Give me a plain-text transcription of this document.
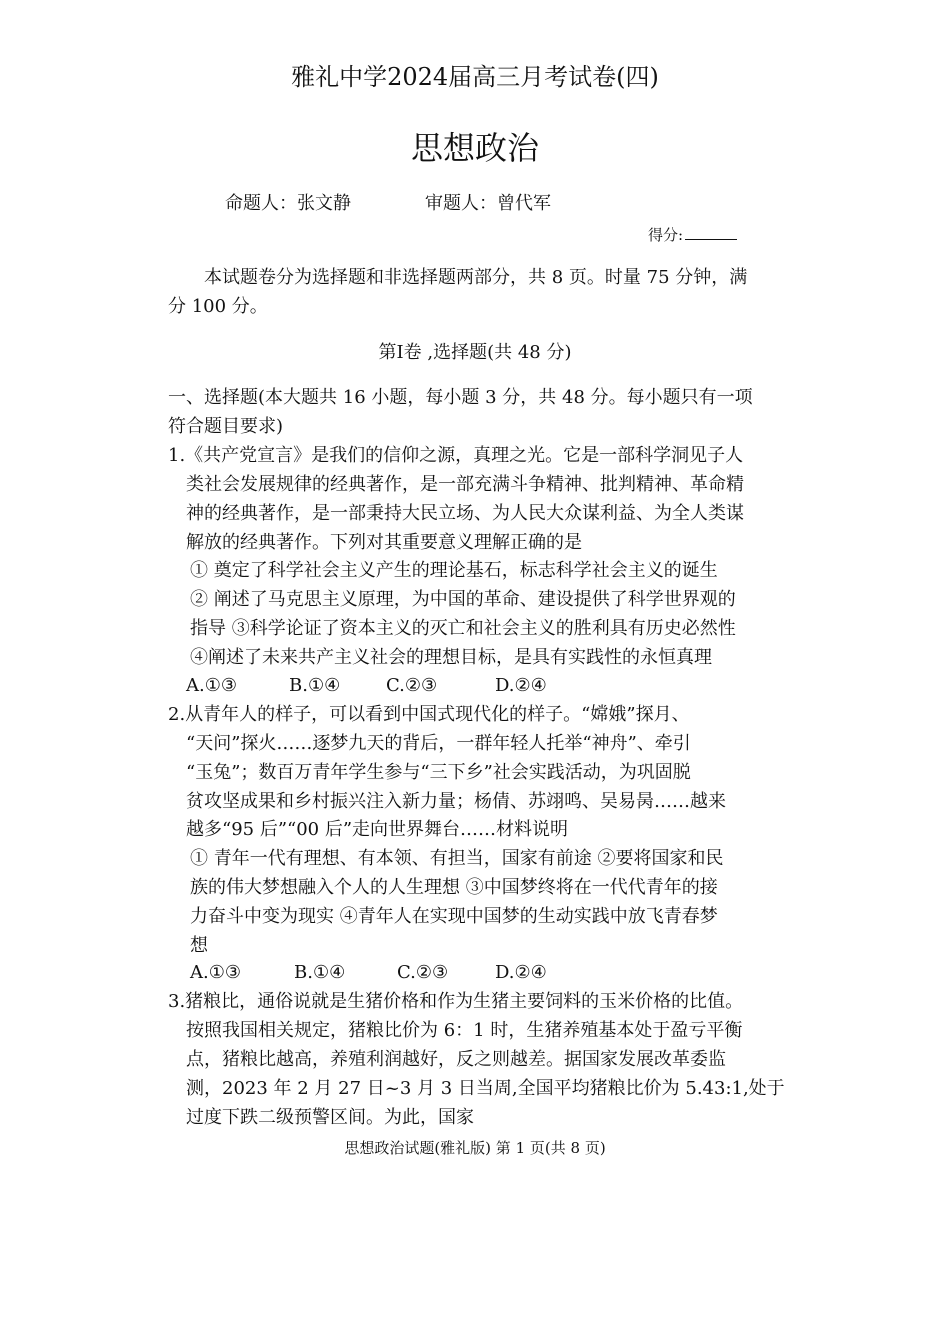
雅礼中学2024届高三月考试卷(四)
思想政治
命题人：张文静	审题人：曾代军
得分:
本试题卷分为选择题和非选择题两部分，共 8 页。时量 75 分钟，满
分 100 分。
第Ⅰ卷 ,选择题(共 48 分)
一、选择题(本大题共 16 小题，每小题 3 分，共 48 分。每小题只有一项
符合题目要求)
1.《共产党宣言》是我们的信仰之源，真理之光。它是一部科学洞见子人
类社会发展规律的经典著作，是一部充满斗争精神、批判精神、革命精
神的经典著作，是一部秉持大民立场、为人民大众谋利益、为全人类谋
解放的经典著作。下列对其重要意义理解正确的是
① 奠定了科学社会主义产生的理论基石，标志科学社会主义的诞生
② 阐述了马克思主义原理，为中国的革命、建设提供了科学世界观的
指导 ③科学论证了资本主义的灭亡和社会主义的胜利具有历史必然性
④阐述了未来共产主义社会的理想目标，是具有实践性的永恒真理
A.①③	B.①④	C.②③	D.②④
2.从青年人的样子，可以看到中国式现代化的样子。“嫦娥”探月、
“天问”探火……逐梦九天的背后，一群年轻人托举“神舟”、牵引
“玉兔”；数百万青年学生参与“三下乡”社会实践活动，为巩固脱
贫攻坚成果和乡村振兴注入新力量；杨倩、苏翊鸣、吴易昺……越来
越多“95 后”“00 后”走向世界舞台……材料说明
① 青年一代有理想、有本领、有担当，国家有前途 ②要将国家和民
族的伟大梦想融入个人的人生理想 ③中国梦终将在一代代青年的接
力奋斗中变为现实 ④青年人在实现中国梦的生动实践中放飞青春梦
想
A.①③	B.①④	C.②③	D.②④
3.猪粮比，通俗说就是生猪价格和作为生猪主要饲料的玉米价格的比值。
按照我国相关规定，猪粮比价为 6：1 时，生猪养殖基本处于盈亏平衡
点，猪粮比越高，养殖利润越好，反之则越差。据国家发展改革委监
测，2023 年 2 月 27 日~3 月 3 日当周,全国平均猪粮比价为 5.43:1,处于
过度下跌二级预警区间。为此，国家
思想政治试题(雅礼版) 第 1 页(共 8 页)
